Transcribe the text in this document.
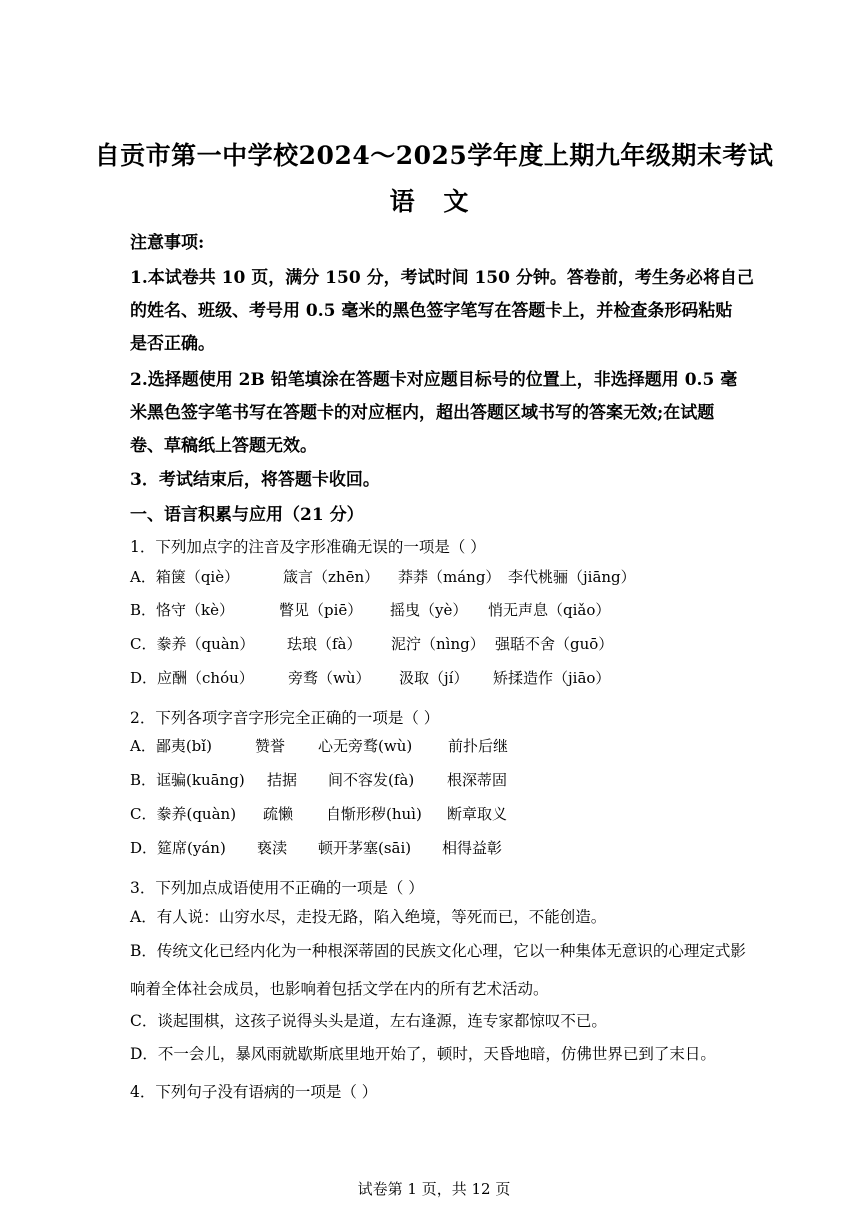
自贡市第一中学校2024～2025学年度上期九年级期末考试
语 文
注意事项:
1.本试卷共 10 页，满分 150 分，考试时间 150 分钟。答卷前，考生务必将自己
的姓名、班级、考号用 0.5 毫米的黑色签字笔写在答题卡上，并检查条形码粘贴
是否正确。
2.选择题使用 2B 铅笔填涂在答题卡对应题目标号的位置上，非选择题用 0.5 毫
米黑色签字笔书写在答题卡的对应框内，超出答题区域书写的答案无效;在试题
卷、草稿纸上答题无效。
3．考试结束后，将答题卡收回。
一、语言积累与应用（21 分）
1．下列加点字的注音及字形准确无误的一项是（ ）
A．箱箧（qiè）	箴言（zhēn） 莽莽（máng） 李代桃骊（jiāng）
B．恪守（kè）	瞥见（piē） 摇曳（yè） 悄无声息（qiǎo）
C．豢养（quàn） 珐琅（fà） 泥泞（nìng） 强聒不舍（guō）
D．应酬（chóu） 旁骛（wù） 汲取（jí） 矫揉造作（jiāo）
2．下列各项字音字形完全正确的一项是（ ）
A．鄙夷(bǐ)	赞誉 心无旁骛(wù) 前扑后继
B．诓骗(kuāng) 拮据 间不容发(fà) 根深蒂固
C．豢养(quàn) 疏懒 自惭形秽(huì) 断章取义
D．筵席(yán) 亵渎 顿开茅塞(sāi) 相得益彰
3．下列加点成语使用不正确的一项是（ ）
A．有人说：山穷水尽，走投无路，陷入绝境，等死而已，不能创造。
B．传统文化已经内化为一种根深蒂固的民族文化心理，它以一种集体无意识的心理定式影
响着全体社会成员，也影响着包括文学在内的所有艺术活动。
C．谈起围棋，这孩子说得头头是道，左右逢源，连专家都惊叹不已。
D．不一会儿，暴风雨就歇斯底里地开始了，顿时，天昏地暗，仿佛世界已到了末日。
4．下列句子没有语病的一项是（ ）
试卷第 1 页，共 12 页
